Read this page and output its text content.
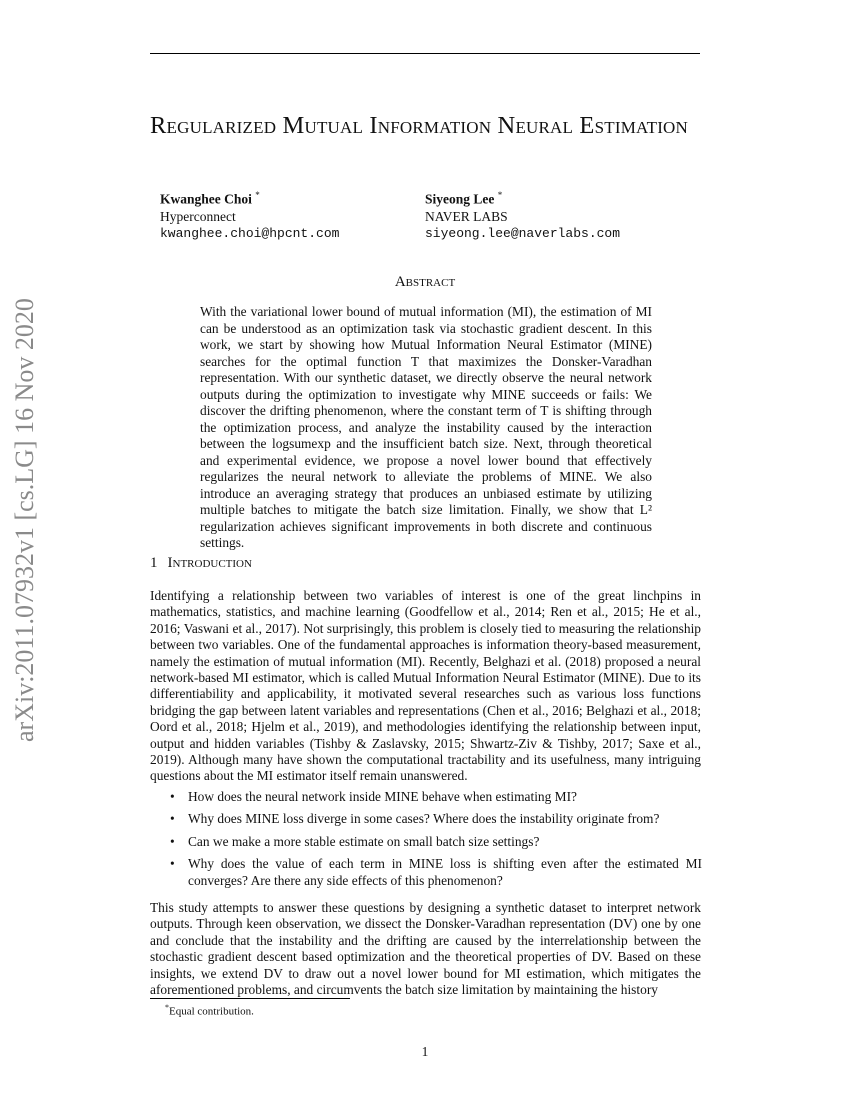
arXiv:2011.07932v1 [cs.LG] 16 Nov 2020
Regularized Mutual Information Neural Estimation
Kwanghee Choi *
Hyperconnect
kwanghee.choi@hpcnt.com
Siyeong Lee *
NAVER LABS
siyeong.lee@naverlabs.com
Abstract

With the variational lower bound of mutual information (MI), the estimation of MI can be understood as an optimization task via stochastic gradient descent. In this work, we start by showing how Mutual Information Neural Estimator (MINE) searches for the optimal function T that maximizes the Donsker-Varadhan representation. With our synthetic dataset, we directly observe the neural network outputs during the optimization to investigate why MINE succeeds or fails: We discover the drifting phenomenon, where the constant term of T is shifting through the optimization process, and analyze the instability caused by the interaction between the logsumexp and the insufficient batch size. Next, through theoretical and experimental evidence, we propose a novel lower bound that effectively regularizes the neural network to alleviate the problems of MINE. We also introduce an averaging strategy that produces an unbiased estimate by utilizing multiple batches to mitigate the batch size limitation. Finally, we show that L² regularization achieves significant improvements in both discrete and continuous settings.

1 Introduction

Identifying a relationship between two variables of interest is one of the great linchpins in mathematics, statistics, and machine learning (Goodfellow et al., 2014; Ren et al., 2015; He et al., 2016; Vaswani et al., 2017). Not surprisingly, this problem is closely tied to measuring the relationship between two variables. One of the fundamental approaches is information theory-based measurement, namely the estimation of mutual information (MI). Recently, Belghazi et al. (2018) proposed a neural network-based MI estimator, which is called Mutual Information Neural Estimator (MINE). Due to its differentiability and applicability, it motivated several researches such as various loss functions bridging the gap between latent variables and representations (Chen et al., 2016; Belghazi et al., 2018; Oord et al., 2018; Hjelm et al., 2019), and methodologies identifying the relationship between input, output and hidden variables (Tishby & Zaslavsky, 2015; Shwartz-Ziv & Tishby, 2017; Saxe et al., 2019). Although many have shown the computational tractability and its usefulness, many intriguing questions about the MI estimator itself remain unanswered.

• How does the neural network inside MINE behave when estimating MI?
• Why does MINE loss diverge in some cases? Where does the instability originate from?
• Can we make a more stable estimate on small batch size settings?
• Why does the value of each term in MINE loss is shifting even after the estimated MI converges? Are there any side effects of this phenomenon?

This study attempts to answer these questions by designing a synthetic dataset to interpret network outputs. Through keen observation, we dissect the Donsker-Varadhan representation (DV) one by one and conclude that the instability and the drifting are caused by the interrelationship between the stochastic gradient descent based optimization and the theoretical properties of DV. Based on these insights, we extend DV to draw out a novel lower bound for MI estimation, which mitigates the aforementioned problems, and circumvents the batch size limitation by maintaining the history

*Equal contribution.

1
